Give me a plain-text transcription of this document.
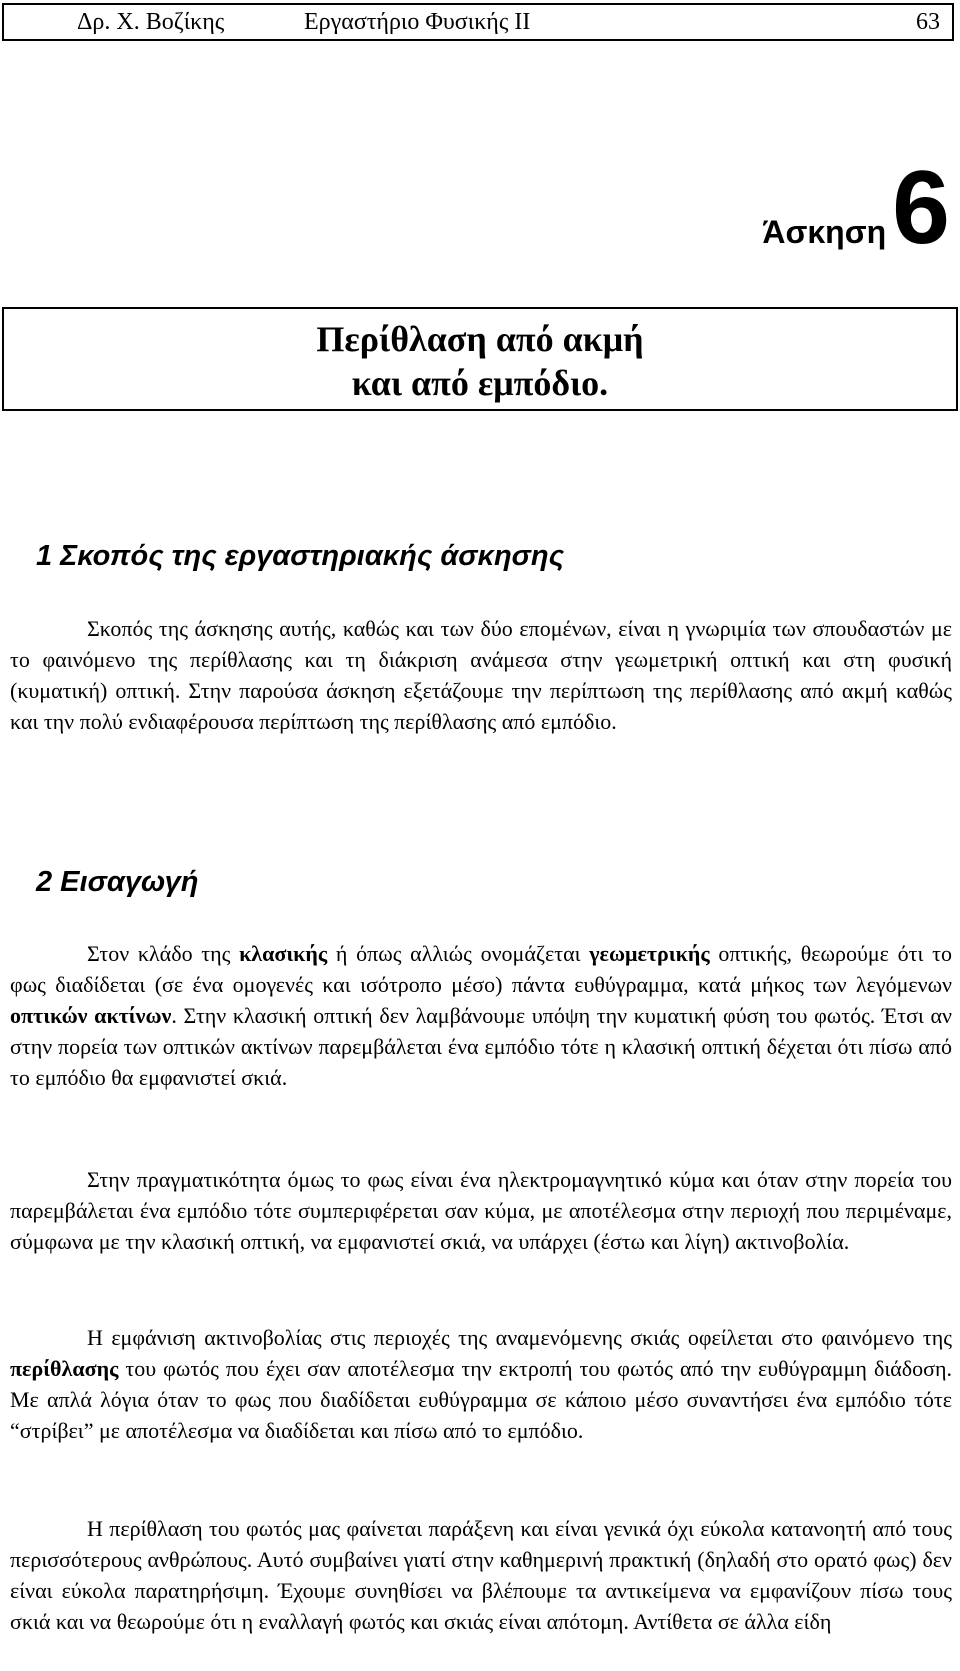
Δρ. Χ. Βοζίκης	Εργαστήριο Φυσικής ΙΙ	63
Άσκηση6
Περίθλαση από ακμή
και από εμπόδιο.
1 Σκοπός της εργαστηριακής άσκησης

Σκοπός της άσκησης αυτής, καθώς και των δύο επομένων, είναι η γνωριμία των σπουδαστών με το φαινόμενο της περίθλασης και τη διάκριση ανάμεσα στην γεωμετρική οπτική και στη φυσική (κυματική) οπτική. Στην παρούσα άσκηση εξετάζουμε την περίπτωση της περίθλασης από ακμή καθώς και την πολύ ενδιαφέρουσα περίπτωση της περίθλασης από εμπόδιο.

2 Εισαγωγή

Στον κλάδο της κλασικής ή όπως αλλιώς ονομάζεται γεωμετρικής οπτικής, θεωρούμε ότι το φως διαδίδεται (σε ένα ομογενές και ισότροπο μέσο) πάντα ευθύγραμμα, κατά μήκος των λεγόμενων οπτικών ακτίνων. Στην κλασική οπτική δεν λαμβάνουμε υπόψη την κυματική φύση του φωτός. Έτσι αν στην πορεία των οπτικών ακτίνων παρεμβάλεται ένα εμπόδιο τότε η κλασική οπτική δέχεται ότι πίσω από το εμπόδιο θα εμφανιστεί σκιά.

Στην πραγματικότητα όμως το φως είναι ένα ηλεκτρομαγνητικό κύμα και όταν στην πορεία του παρεμβάλεται ένα εμπόδιο τότε συμπεριφέρεται σαν κύμα, με αποτέλεσμα στην περιοχή που περιμέναμε, σύμφωνα με την κλασική οπτική, να εμφανιστεί σκιά, να υπάρχει (έστω και λίγη) ακτινοβολία.

Η εμφάνιση ακτινοβολίας στις περιοχές της αναμενόμενης σκιάς οφείλεται στο φαινόμενο της περίθλασης του φωτός που έχει σαν αποτέλεσμα την εκτροπή του φωτός από την ευθύγραμμη διάδοση. Με απλά λόγια όταν το φως που διαδίδεται ευθύγραμμα σε κάποιο μέσο συναντήσει ένα εμπόδιο τότε “στρίβει” με αποτέλεσμα να διαδίδεται και πίσω από το εμπόδιο.

Η περίθλαση του φωτός μας φαίνεται παράξενη και είναι γενικά όχι εύκολα κατανοητή από τους περισσότερους ανθρώπους. Αυτό συμβαίνει γιατί στην καθημερινή πρακτική (δηλαδή στο ορατό φως) δεν είναι εύκολα παρατηρήσιμη. Έχουμε συνηθίσει να βλέπουμε τα αντικείμενα να εμφανίζουν πίσω τους σκιά και να θεωρούμε ότι η εναλλαγή φωτός και σκιάς είναι απότομη. Αντίθετα σε άλλα είδη
